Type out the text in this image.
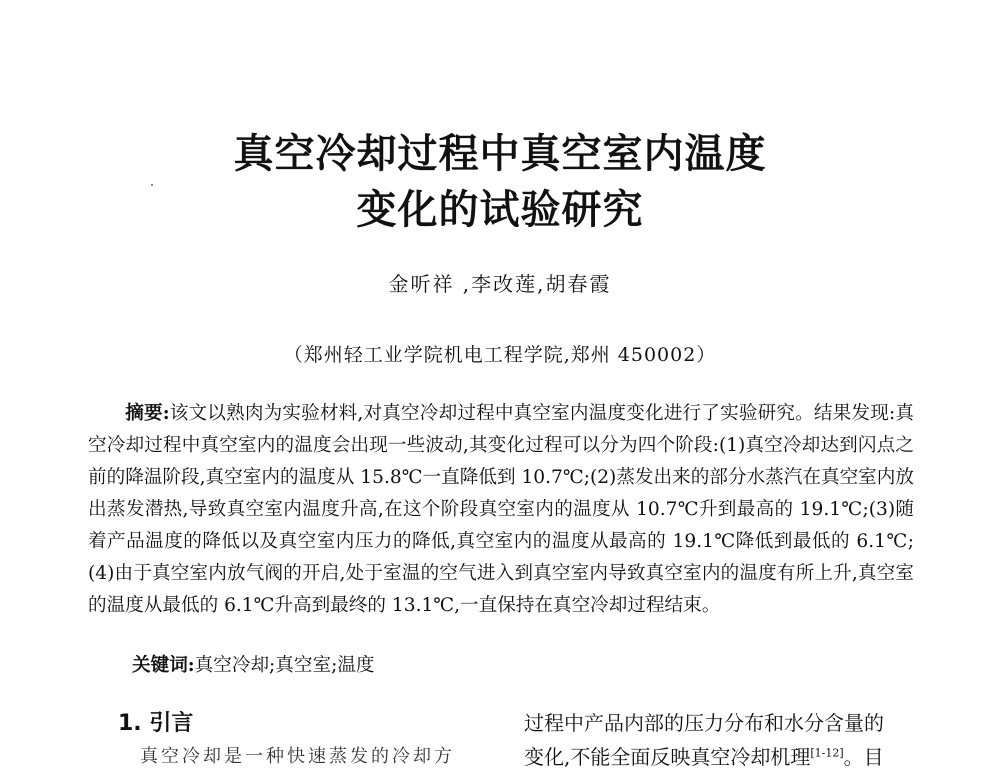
真空冷却过程中真空室内温度
变化的试验研究
金听祥 ,李改莲,胡春霞
（郑州轻工业学院机电工程学院,郑州 450002）

摘要:该文以熟肉为实验材料,对真空冷却过程中真空室内温度变化进行了实验研究。结果发现:真空冷却过程中真空室内的温度会出现一些波动,其变化过程可以分为四个阶段:(1)真空冷却达到闪点之前的降温阶段,真空室内的温度从 15.8℃一直降低到 10.7℃;(2)蒸发出来的部分水蒸汽在真空室内放出蒸发潜热,导致真空室内温度升高,在这个阶段真空室内的温度从 10.7℃升到最高的 19.1℃;(3)随着产品温度的降低以及真空室内压力的降低,真空室内的温度从最高的 19.1℃降低到最低的 6.1℃;(4)由于真空室内放气阀的开启,处于室温的空气进入到真空室内导致真空室内的温度有所上升,真空室的温度从最低的 6.1℃升高到最终的 13.1℃,一直保持在真空冷却过程结束。

关键词:真空冷却;真空室;温度
1. 引言
真空冷却是一种快速蒸发的冷却方
过程中产品内部的压力分布和水分含量的
变化,不能全面反映真空冷却机理[1-12]。目
